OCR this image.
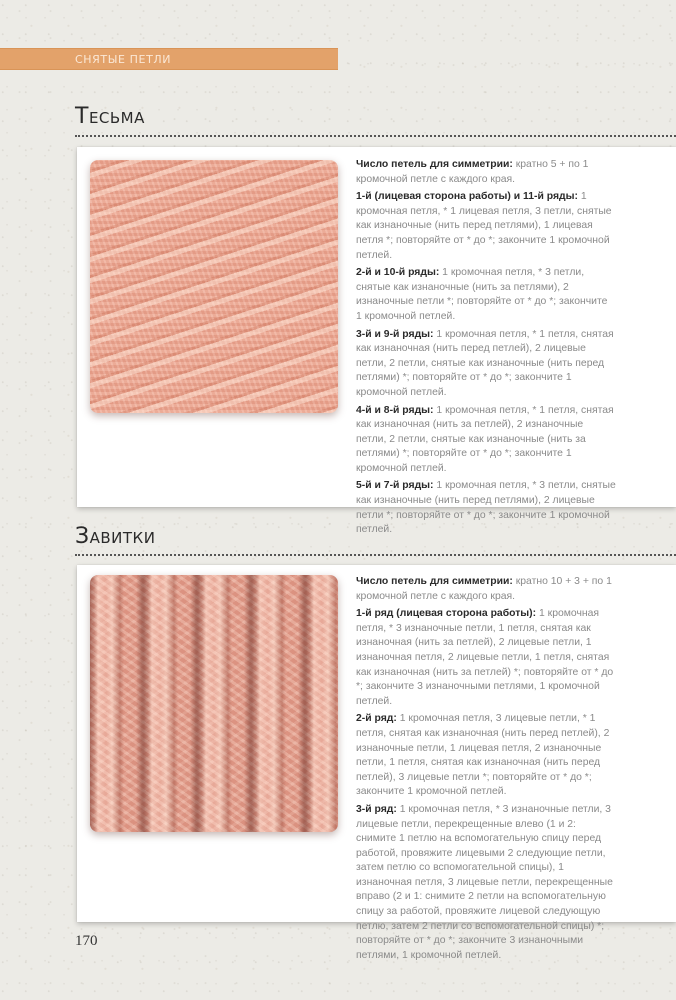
СНЯТЫЕ ПЕТЛИ
Тесьма

Число петель для симметрии: кратно 5 + по 1 кромочной петле с каждого края.

1-й (лицевая сторона работы) и 11-й ряды: 1 кромочная петля, * 1 лицевая петля, 3 петли, снятые как изнаночные (нить перед петлями), 1 лицевая петля *; повторяйте от * до *; закончите 1 кромочной петлей.

2-й и 10-й ряды: 1 кромочная петля, * 3 петли, снятые как изнаночные (нить за петлями), 2 изнаночные петли *; повторяйте от * до *; закончите 1 кромочной петлей.

3-й и 9-й ряды: 1 кромочная петля, * 1 петля, снятая как изнаночная (нить перед петлей), 2 лицевые петли, 2 петли, снятые как изнаночные (нить перед петлями) *; повторяйте от * до *; закончите 1 кромочной петлей.

4-й и 8-й ряды: 1 кромочная петля, * 1 петля, снятая как изнаночная (нить за петлей), 2 изнаночные петли, 2 петли, снятые как изнаночные (нить за петлями) *; повторяйте от * до *; закончите 1 кромочной петлей.

5-й и 7-й ряды: 1 кромочная петля, * 3 петли, снятые как изнаночные (нить перед петлями), 2 лицевые петли *; повторяйте от * до *; закончите 1 кромочной петлей.

Завитки

Число петель для симметрии: кратно 10 + 3 + по 1 кромочной петле с каждого края.

1-й ряд (лицевая сторона работы): 1 кромочная петля, * 3 изнаночные петли, 1 петля, снятая как изнаночная (нить за петлей), 2 лицевые петли, 1 изнаночная петля, 2 лицевые петли, 1 петля, снятая как изнаночная (нить за петлей) *; повторяйте от * до *; закончите 3 изнаночными петлями, 1 кромочной петлей.

2-й ряд: 1 кромочная петля, 3 лицевые петли, * 1 петля, снятая как изнаночная (нить перед петлей), 2 изнаночные петли, 1 лицевая петля, 2 изнаночные петли, 1 петля, снятая как изнаночная (нить перед петлей), 3 лицевые петли *; повторяйте от * до *; закончите 1 кромочной петлей.

3-й ряд: 1 кромочная петля, * 3 изнаночные петли, 3 лицевые петли, перекрещенные влево (1 и 2: снимите 1 петлю на вспомогательную спицу перед работой, провяжите лицевыми 2 следующие петли, затем петлю со вспомогательной спицы), 1 изнаночная петля, 3 лицевые петли, перекрещенные вправо (2 и 1: снимите 2 петли на вспомогательную спицу за работой, провяжите лицевой следующую петлю, затем 2 петли со вспомогательной спицы) *; повторяйте от * до *; закончите 3 изнаночными петлями, 1 кромочной петлей.

170
